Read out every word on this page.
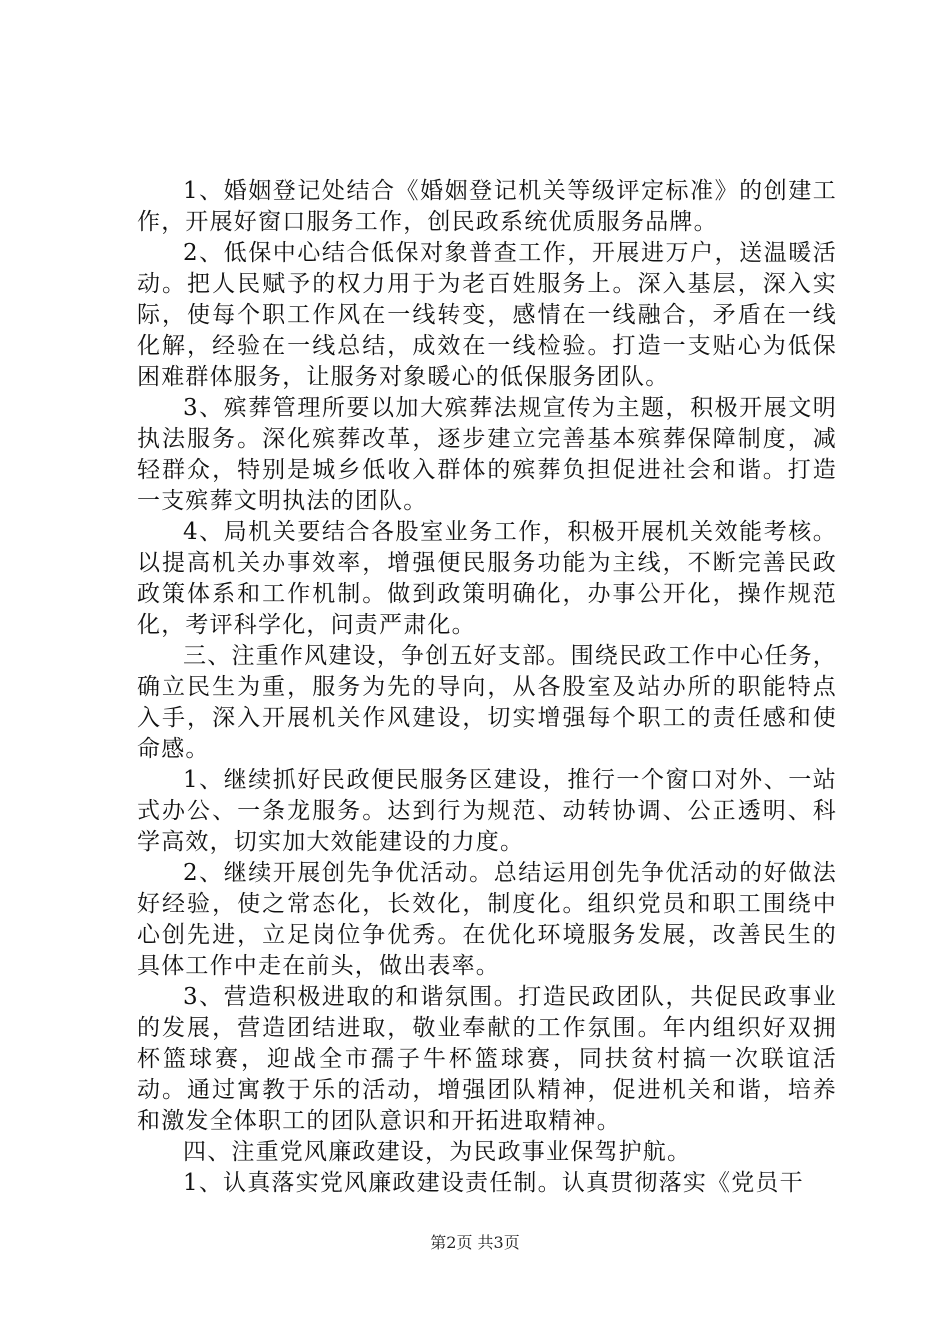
1、婚姻登记处结合《婚姻登记机关等级评定标准》的创建工作，开展好窗口服务工作，创民政系统优质服务品牌。

2、低保中心结合低保对象普查工作，开展进万户，送温暖活动。把人民赋予的权力用于为老百姓服务上。深入基层，深入实际，使每个职工作风在一线转变，感情在一线融合，矛盾在一线化解，经验在一线总结，成效在一线检验。打造一支贴心为低保困难群体服务，让服务对象暖心的低保服务团队。

3、殡葬管理所要以加大殡葬法规宣传为主题，积极开展文明执法服务。深化殡葬改革，逐步建立完善基本殡葬保障制度，减轻群众，特别是城乡低收入群体的殡葬负担促进社会和谐。打造一支殡葬文明执法的团队。

4、局机关要结合各股室业务工作，积极开展机关效能考核。以提高机关办事效率，增强便民服务功能为主线，不断完善民政政策体系和工作机制。做到政策明确化，办事公开化，操作规范化，考评科学化，问责严肃化。

三、注重作风建设，争创五好支部。围绕民政工作中心任务，确立民生为重，服务为先的导向，从各股室及站办所的职能特点入手，深入开展机关作风建设，切实增强每个职工的责任感和使命感。

1、继续抓好民政便民服务区建设，推行一个窗口对外、一站式办公、一条龙服务。达到行为规范、动转协调、公正透明、科学高效，切实加大效能建设的力度。

2、继续开展创先争优活动。总结运用创先争优活动的好做法好经验，使之常态化，长效化，制度化。组织党员和职工围绕中心创先进，立足岗位争优秀。在优化环境服务发展，改善民生的具体工作中走在前头，做出表率。

3、营造积极进取的和谐氛围。打造民政团队，共促民政事业的发展，营造团结进取，敬业奉献的工作氛围。年内组织好双拥杯篮球赛，迎战全市孺子牛杯篮球赛，同扶贫村搞一次联谊活动。通过寓教于乐的活动，增强团队精神，促进机关和谐，培养和激发全体职工的团队意识和开拓进取精神。

四、注重党风廉政建设，为民政事业保驾护航。

1、认真落实党风廉政建设责任制。认真贯彻落实《党员干

第2页 共3页
